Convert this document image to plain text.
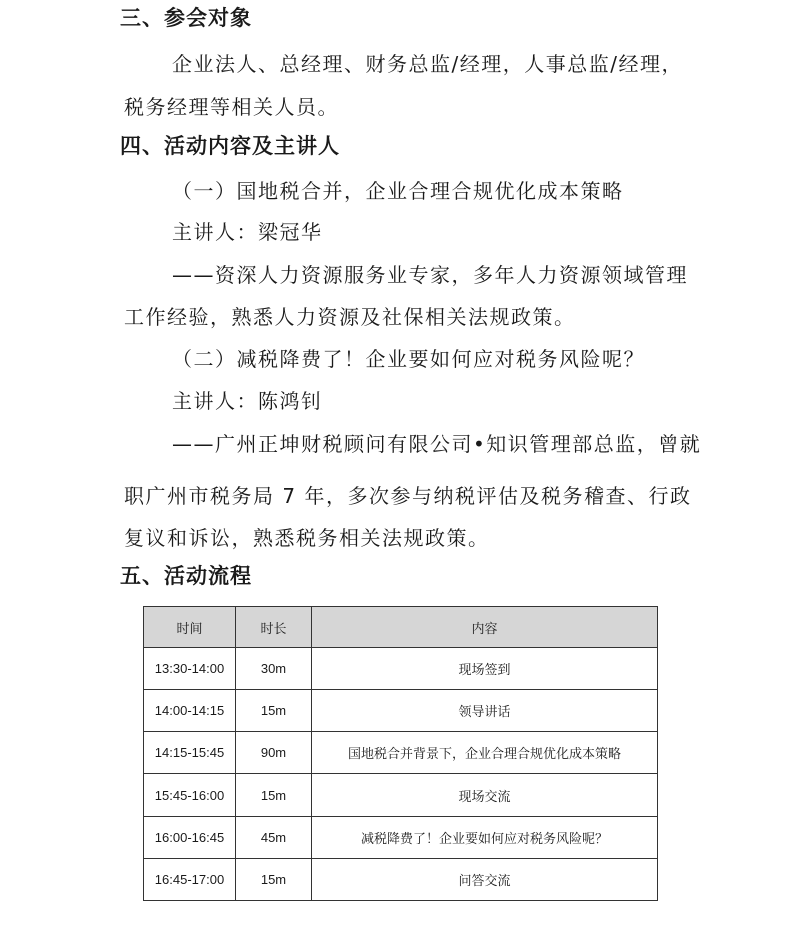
三、参会对象
企业法人、总经理、财务总监/经理，人事总监/经理，
税务经理等相关人员。
四、活动内容及主讲人
（一）国地税合并，企业合理合规优化成本策略
主讲人：梁冠华
——资深人力资源服务业专家，多年人力资源领域管理
工作经验，熟悉人力资源及社保相关法规政策。
（二）减税降费了！企业要如何应对税务风险呢？
主讲人：陈鸿钊
——广州正坤财税顾问有限公司•知识管理部总监，曾就
职广州市税务局 7 年，多次参与纳税评估及税务稽查、行政
复议和诉讼，熟悉税务相关法规政策。
五、活动流程
时间	时长	内容
13:30-14:00	30m	现场签到
14:00-14:15	15m	领导讲话
14:15-15:45	90m	国地税合并背景下，企业合理合规优化成本策略
15:45-16:00	15m	现场交流
16:00-16:45	45m	减税降费了！企业要如何应对税务风险呢？
16:45-17:00	15m	问答交流
